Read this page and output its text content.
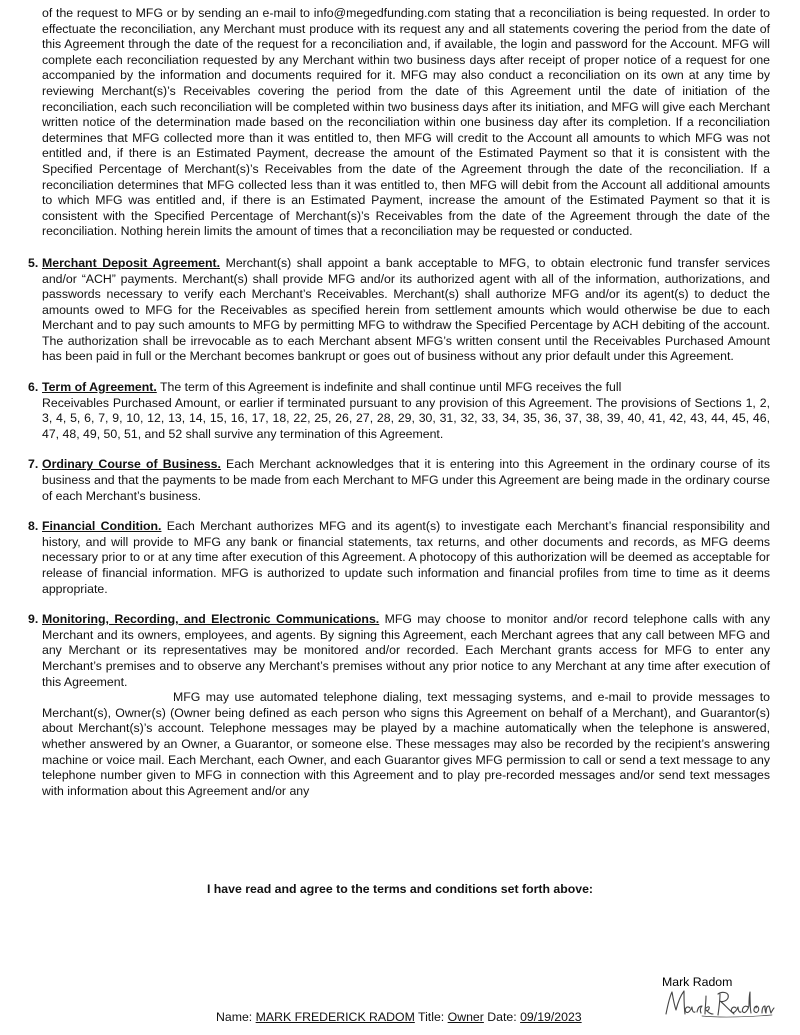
of the request to MFG or by sending an e-mail to info@megedfunding.com stating that a reconciliation is being requested. In order to effectuate the reconciliation, any Merchant must produce with its request any and all statements covering the period from the date of this Agreement through the date of the request for a reconciliation and, if available, the login and password for the Account. MFG will complete each reconciliation requested by any Merchant within two business days after receipt of proper notice of a request for one accompanied by the information and documents required for it. MFG may also conduct a reconciliation on its own at any time by reviewing Merchant(s)’s Receivables covering the period from the date of this Agreement until the date of initiation of the reconciliation, each such reconciliation will be completed within two business days after its initiation, and MFG will give each Merchant written notice of the determination made based on the reconciliation within one business day after its completion. If a reconciliation determines that MFG collected more than it was entitled to, then MFG will credit to the Account all amounts to which MFG was not entitled and, if there is an Estimated Payment, decrease the amount of the Estimated Payment so that it is consistent with the Specified Percentage of Merchant(s)’s Receivables from the date of the Agreement through the date of the reconciliation. If a reconciliation determines that MFG collected less than it was entitled to, then MFG will debit from the Account all additional amounts to which MFG was entitled and, if there is an Estimated Payment, increase the amount of the Estimated Payment so that it is consistent with the Specified Percentage of Merchant(s)’s Receivables from the date of the Agreement through the date of the reconciliation. Nothing herein limits the amount of times that a reconciliation may be requested or conducted.

5. Merchant Deposit Agreement. Merchant(s) shall appoint a bank acceptable to MFG, to obtain electronic fund transfer services and/or “ACH” payments. Merchant(s) shall provide MFG and/or its authorized agent with all of the information, authorizations, and passwords necessary to verify each Merchant’s Receivables. Merchant(s) shall authorize MFG and/or its agent(s) to deduct the amounts owed to MFG for the Receivables as specified herein from settlement amounts which would otherwise be due to each Merchant and to pay such amounts to MFG by permitting MFG to withdraw the Specified Percentage by ACH debiting of the account. The authorization shall be irrevocable as to each Merchant absent MFG’s written consent until the Receivables Purchased Amount has been paid in full or the Merchant becomes bankrupt or goes out of business without any prior default under this Agreement.

6. Term of Agreement. The term of this Agreement is indefinite and shall continue until MFG receives the full

Receivables Purchased Amount, or earlier if terminated pursuant to any provision of this Agreement. The provisions of Sections 1, 2, 3, 4, 5, 6, 7, 9, 10, 12, 13, 14, 15, 16, 17, 18, 22, 25, 26, 27, 28, 29, 30, 31, 32, 33, 34, 35, 36, 37, 38, 39, 40, 41, 42, 43, 44, 45, 46, 47, 48, 49, 50, 51, and 52 shall survive any termination of this Agreement.

7. Ordinary Course of Business. Each Merchant acknowledges that it is entering into this Agreement in the ordinary course of its business and that the payments to be made from each Merchant to MFG under this Agreement are being made in the ordinary course of each Merchant’s business.

8. Financial Condition. Each Merchant authorizes MFG and its agent(s) to investigate each Merchant’s financial responsibility and history, and will provide to MFG any bank or financial statements, tax returns, and other documents and records, as MFG deems necessary prior to or at any time after execution of this Agreement. A photocopy of this authorization will be deemed as acceptable for release of financial information. MFG is authorized to update such information and financial profiles from time to time as it deems appropriate.

9. Monitoring, Recording, and Electronic Communications. MFG may choose to monitor and/or record telephone calls with any Merchant and its owners, employees, and agents. By signing this Agreement, each Merchant agrees that any call between MFG and any Merchant or its representatives may be monitored and/or recorded. Each Merchant grants access for MFG to enter any Merchant’s premises and to observe any Merchant’s premises without any prior notice to any Merchant at any time after execution of this Agreement.

MFG may use automated telephone dialing, text messaging systems, and e-mail to provide messages to Merchant(s), Owner(s) (Owner being defined as each person who signs this Agreement on behalf of a Merchant), and Guarantor(s) about Merchant(s)’s account. Telephone messages may be played by a machine automatically when the telephone is answered, whether answered by an Owner, a Guarantor, or someone else. These messages may also be recorded by the recipient’s answering machine or voice mail. Each Merchant, each Owner, and each Guarantor gives MFG permission to call or send a text message to any telephone number given to MFG in connection with this Agreement and to play pre-recorded messages and/or send text messages with information about this Agreement and/or any

I have read and agree to the terms and conditions set forth above:
Mark Radom
Name: MARK FREDERICK RADOM Title: Owner Date: 09/19/2023
